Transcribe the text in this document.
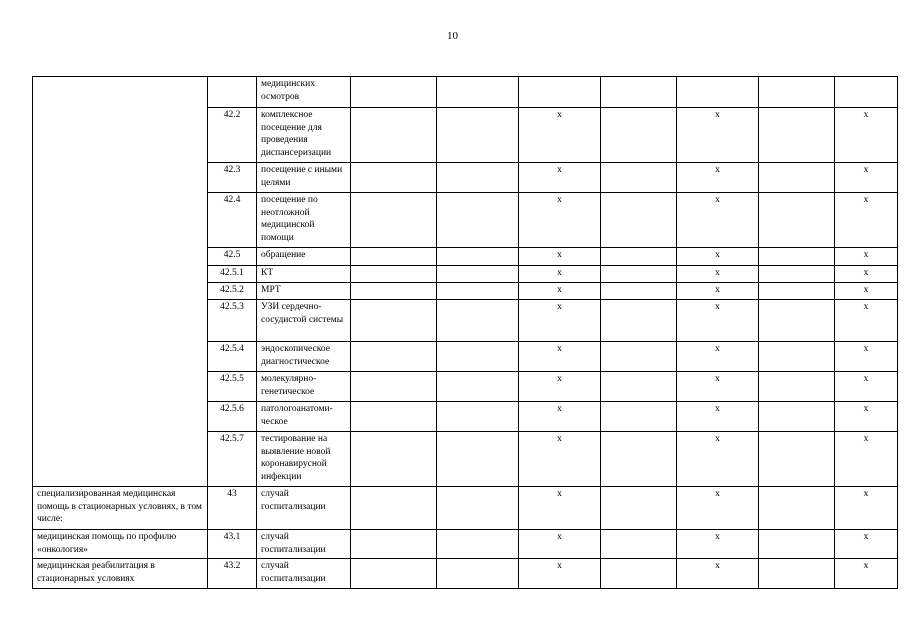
10
		медицинских осмотров							
	42.2	комплексное посещение для проведения диспансеризации			х		х		х
	42.3	посещение с иными целями			х		х		х
	42.4	посещение по неотложной медицинской помощи			х		х		х
	42.5	обращение			х		х		х
	42.5.1	КТ			х		х		х
	42.5.2	МРТ			х		х		х
	42.5.3	УЗИ сердечно-сосудистой системы			х		х		х
	42.5.4	эндоскопическое диагностическое			х		х		х
	42.5.5	молекулярно-генетическое			х		х		х
	42.5.6	патологоанатоми-ческое			х		х		х
	42.5.7	тестирование на выявление новой коронавирусной инфекции			х		х		х
специализированная медицинская помощь в стационарных условиях, в том числе:	43	случай госпитализации			х		х		х
медицинская помощь по профилю «онкология»	43.1	случай госпитализации			х		х		х
медицинская реабилитация в стационарных условиях	43.2	случай госпитализации			х		х		х
